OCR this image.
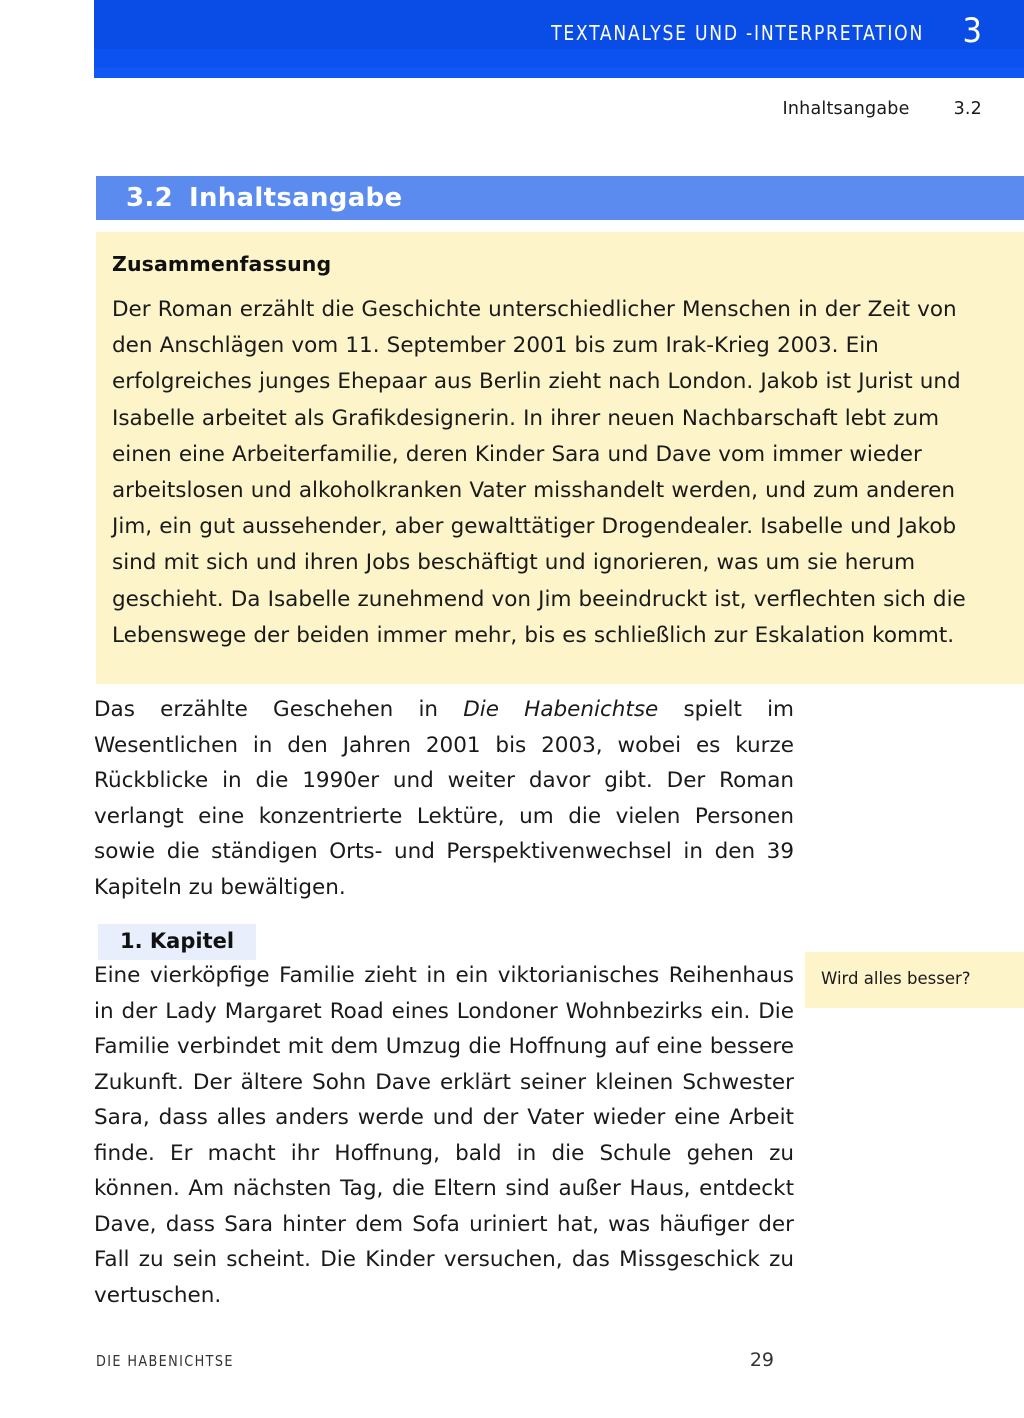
TEXTANALYSE UND -INTERPRETATION 3
Inhaltsangabe	3.2
3.2 Inhaltsangabe
Zusammenfassung

Der Roman erzählt die Geschichte unterschiedlicher Menschen in der Zeit von den Anschlägen vom 11. September 2001 bis zum Irak-Krieg 2003. Ein erfolgreiches junges Ehepaar aus Berlin zieht nach London. Jakob ist Jurist und Isabelle arbeitet als Grafikdesignerin. In ihrer neuen Nachbarschaft lebt zum einen eine Arbeiterfamilie, deren Kinder Sara und Dave vom immer wieder arbeitslosen und alkoholkranken Vater misshandelt werden, und zum anderen Jim, ein gut aussehender, aber gewalttätiger Drogendealer. Isabelle und Jakob sind mit sich und ihren Jobs beschäftigt und ignorieren, was um sie herum geschieht. Da Isabelle zunehmend von Jim beeindruckt ist, verflechten sich die Lebenswege der beiden immer mehr, bis es schließlich zur Eskalation kommt.

Das erzählte Geschehen in Die Habenichtse spielt im Wesentlichen in den Jahren 2001 bis 2003, wobei es kurze Rückblicke in die 1990er und weiter davor gibt. Der Roman verlangt eine konzentrierte Lektüre, um die vielen Personen sowie die ständigen Orts- und Perspektivenwechsel in den 39 Kapiteln zu bewältigen.

1. Kapitel

Eine vierköpfige Familie zieht in ein viktorianisches Reihenhaus in der Lady Margaret Road eines Londoner Wohnbezirks ein. Die Familie verbindet mit dem Umzug die Hoffnung auf eine bessere Zukunft. Der ältere Sohn Dave erklärt seiner kleinen Schwester Sara, dass alles anders werde und der Vater wieder eine Arbeit finde. Er macht ihr Hoffnung, bald in die Schule gehen zu können. Am nächsten Tag, die Eltern sind außer Haus, entdeckt Dave, dass Sara hinter dem Sofa uriniert hat, was häufiger der Fall zu sein scheint. Die Kinder versuchen, das Missgeschick zu vertuschen.

Wird alles besser?
DIE HABENICHTSE	29
